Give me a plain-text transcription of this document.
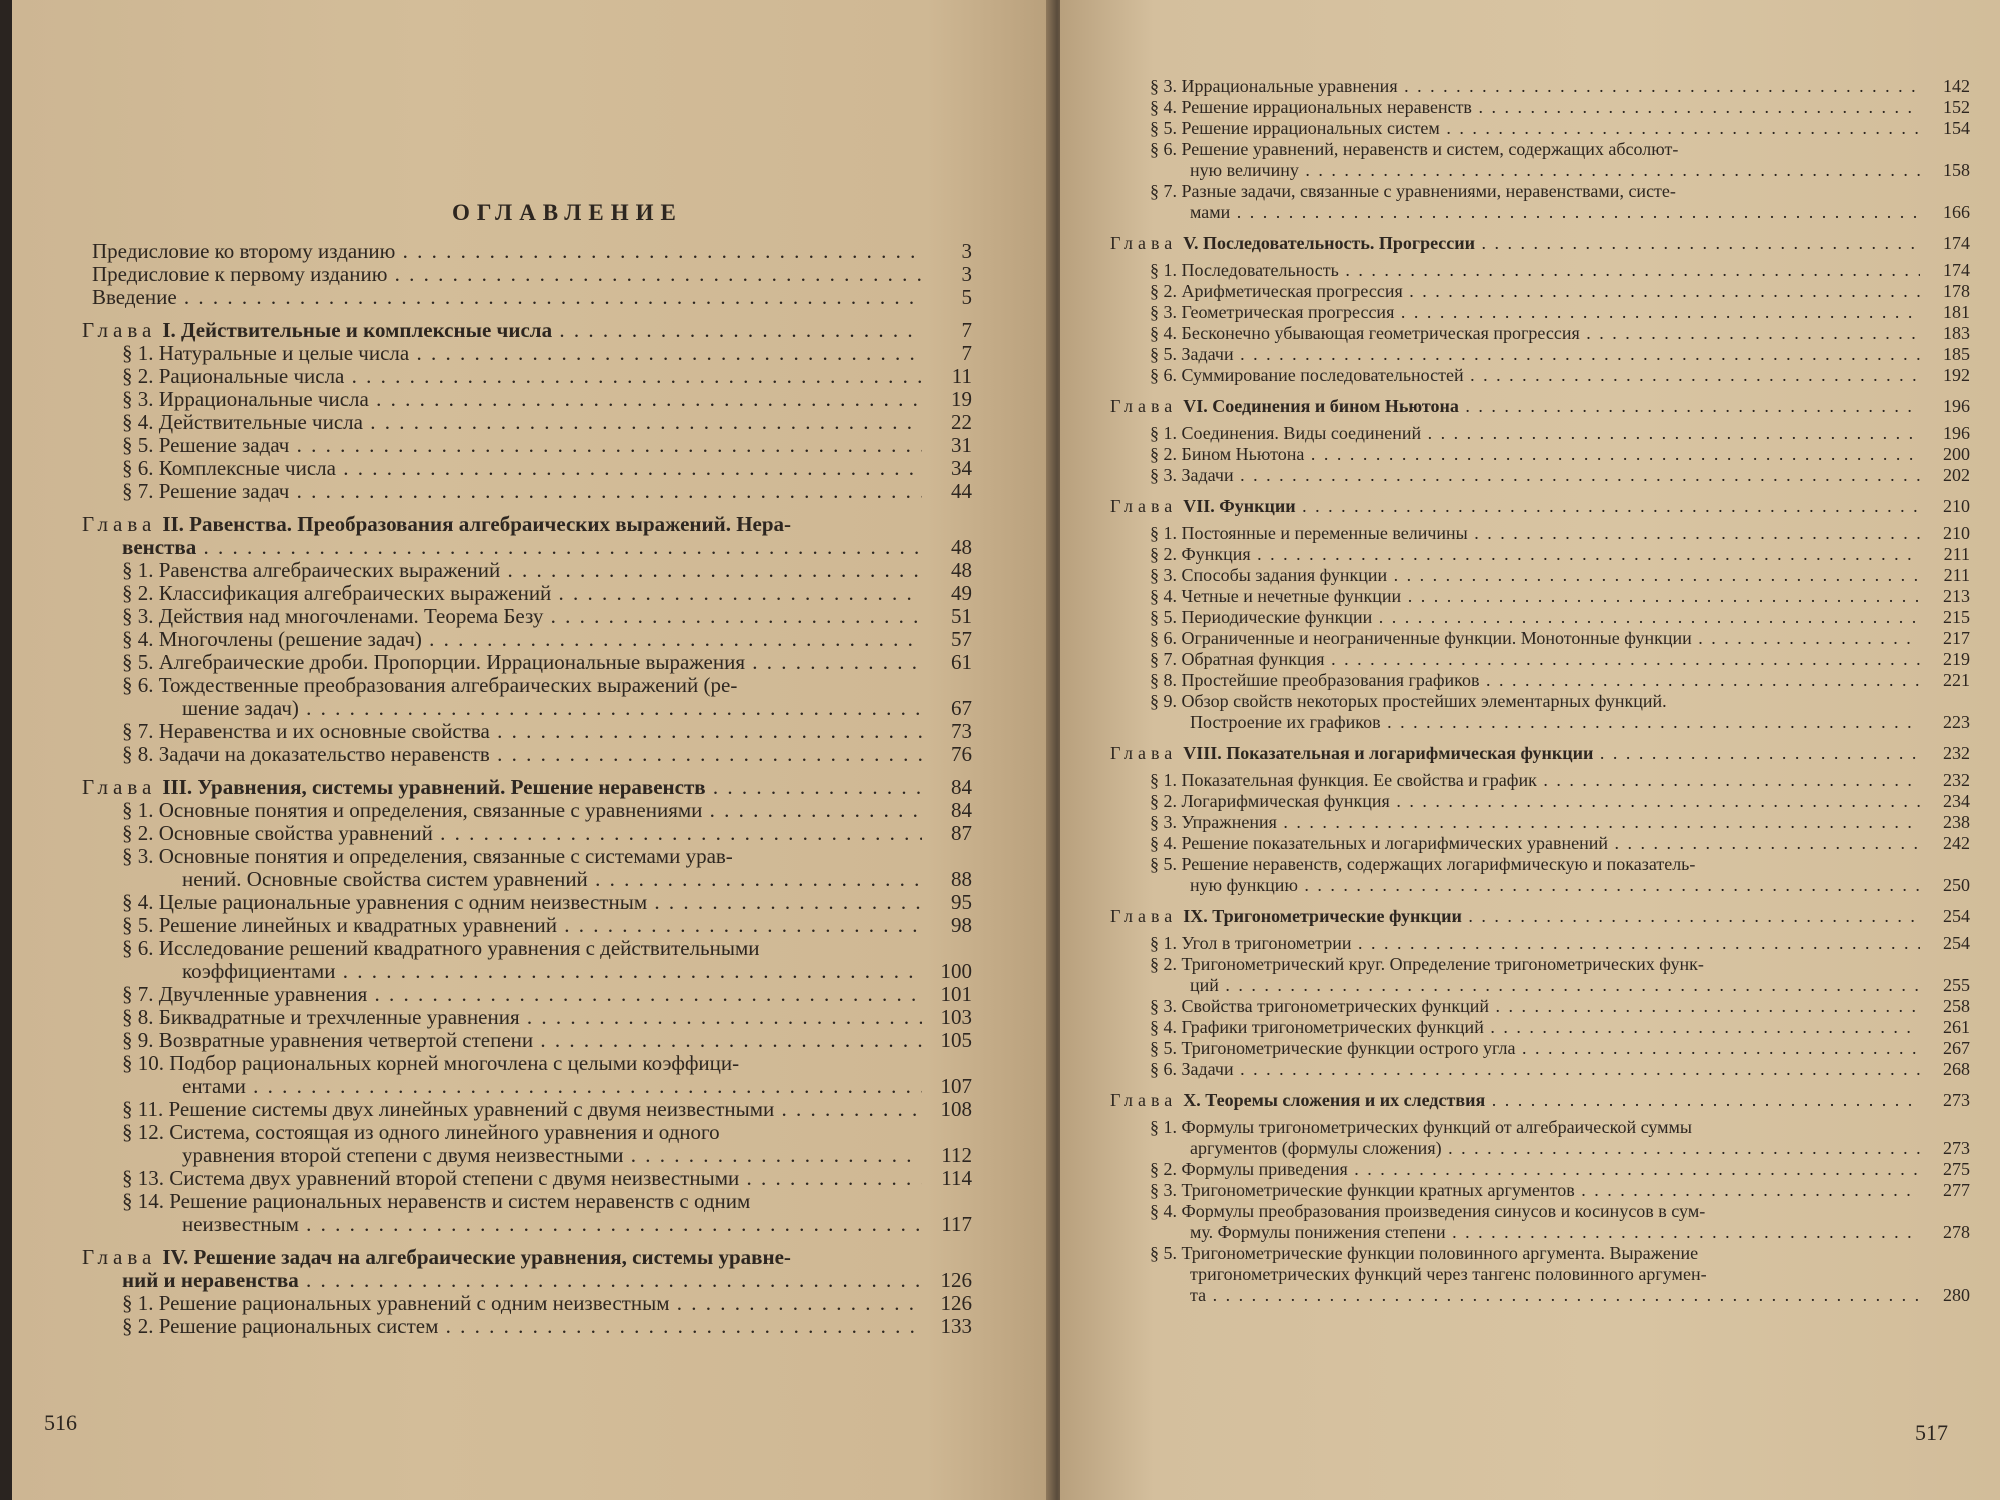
ОГЛАВЛЕНИЕ
Предисловие ко второму изданию . . .	3
Предисловие к первому изданию . . .	3
Введение . . .	5
Глава I. Действительные и комплексные числа . . .	7
§ 1. Натуральные и целые числа . . .	7
§ 2. Рациональные числа . . .	11
§ 3. Иррациональные числа . . .	19
§ 4. Действительные числа . . .	22
§ 5. Решение задач . . .	31
§ 6. Комплексные числа . . .	34
§ 7. Решение задач . . .	44
Глава II. Равенства. Преобразования алгебраических выражений. Нера-
венства . . .	48
§ 1. Равенства алгебраических выражений . . .	48
§ 2. Классификация алгебраических выражений . . .	49
§ 3. Действия над многочленами. Теорема Безу . . .	51
§ 4. Многочлены (решение задач) . . .	57
§ 5. Алгебраические дроби. Пропорции. Иррациональные выражения . . .	61
§ 6. Тождественные преобразования алгебраических выражений (ре-
шение задач) . . .	67
§ 7. Неравенства и их основные свойства . . .	73
§ 8. Задачи на доказательство неравенств . . .	76
Глава III. Уравнения, системы уравнений. Решение неравенств . . .	84
§ 1. Основные понятия и определения, связанные с уравнениями . . .	84
§ 2. Основные свойства уравнений . . .	87
§ 3. Основные понятия и определения, связанные с системами урав-
нений. Основные свойства систем уравнений . . .	88
§ 4. Целые рациональные уравнения с одним неизвестным . . .	95
§ 5. Решение линейных и квадратных уравнений . . .	98
§ 6. Исследование решений квадратного уравнения с действительными
коэффициентами . . .	100
§ 7. Двучленные уравнения . . .	101
§ 8. Биквадратные и трехчленные уравнения . . .	103
§ 9. Возвратные уравнения четвертой степени . . .	105
§ 10. Подбор рациональных корней многочлена с целыми коэффици-
ентами . . .	107
§ 11. Решение системы двух линейных уравнений с двумя неизвестными . . .	108
§ 12. Система, состоящая из одного линейного уравнения и одного
уравнения второй степени с двумя неизвестными . . .	112
§ 13. Система двух уравнений второй степени с двумя неизвестными . . .	114
§ 14. Решение рациональных неравенств и систем неравенств с одним
неизвестным . . .	117
Глава IV. Решение задач на алгебраические уравнения, системы уравне-
ний и неравенства . . .	126
§ 1. Решение рациональных уравнений с одним неизвестным . . .	126
§ 2. Решение рациональных систем . . .	133
516
§ 3. Иррациональные уравнения . . .	142
§ 4. Решение иррациональных неравенств . . .	152
§ 5. Решение иррациональных систем . . .	154
§ 6. Решение уравнений, неравенств и систем, содержащих абсолют-
ную величину . . .	158
§ 7. Разные задачи, связанные с уравнениями, неравенствами, систе-
мами . . .	166
Глава V. Последовательность. Прогрессии . . .	174
§ 1. Последовательность . . .	174
§ 2. Арифметическая прогрессия . . .	178
§ 3. Геометрическая прогрессия . . .	181
§ 4. Бесконечно убывающая геометрическая прогрессия . . .	183
§ 5. Задачи . . .	185
§ 6. Суммирование последовательностей . . .	192
Глава VI. Соединения и бином Ньютона . . .	196
§ 1. Соединения. Виды соединений . . .	196
§ 2. Бином Ньютона . . .	200
§ 3. Задачи . . .	202
Глава VII. Функции . . .	210
§ 1. Постоянные и переменные величины . . .	210
§ 2. Функция . . .	211
§ 3. Способы задания функции . . .	211
§ 4. Четные и нечетные функции . . .	213
§ 5. Периодические функции . . .	215
§ 6. Ограниченные и неограниченные функции. Монотонные функции . . .	217
§ 7. Обратная функция . . .	219
§ 8. Простейшие преобразования графиков . . .	221
§ 9. Обзор свойств некоторых простейших элементарных функций.
Построение их графиков . . .	223
Глава VIII. Показательная и логарифмическая функции . . .	232
§ 1. Показательная функция. Ее свойства и график . . .	232
§ 2. Логарифмическая функция . . .	234
§ 3. Упражнения . . .	238
§ 4. Решение показательных и логарифмических уравнений . . .	242
§ 5. Решение неравенств, содержащих логарифмическую и показатель-
ную функцию . . .	250
Глава IX. Тригонометрические функции . . .	254
§ 1. Угол в тригонометрии . . .	254
§ 2. Тригонометрический круг. Определение тригонометрических функ-
ций . . .	255
§ 3. Свойства тригонометрических функций . . .	258
§ 4. Графики тригонометрических функций . . .	261
§ 5. Тригонометрические функции острого угла . . .	267
§ 6. Задачи . . .	268
Глава X. Теоремы сложения и их следствия . . .	273
§ 1. Формулы тригонометрических функций от алгебраической суммы
аргументов (формулы сложения) . . .	273
§ 2. Формулы приведения . . .	275
§ 3. Тригонометрические функции кратных аргументов . . .	277
§ 4. Формулы преобразования произведения синусов и косинусов в сум-
му. Формулы понижения степени . . .	278
§ 5. Тригонометрические функции половинного аргумента. Выражение
тригонометрических функций через тангенс половинного аргумен-
та . . .	280
517
